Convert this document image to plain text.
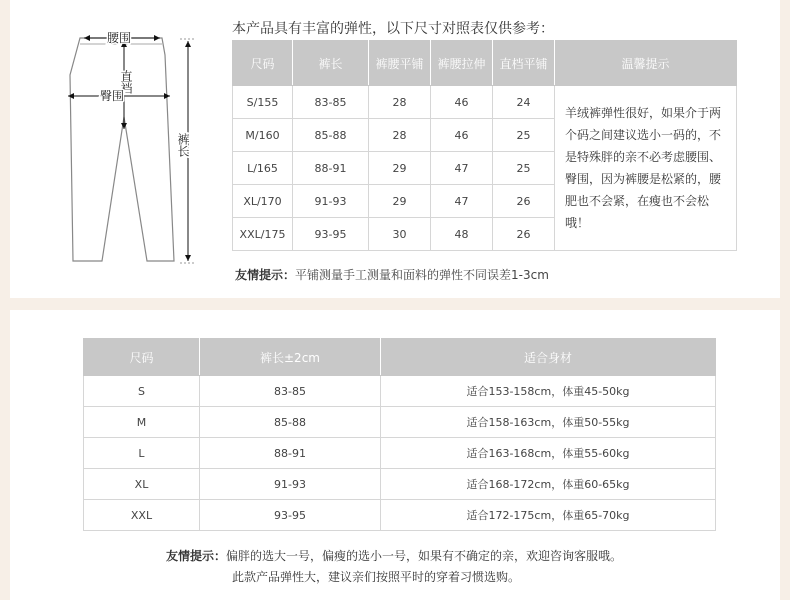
腰围
直裆
臀围
裤长
本产品具有丰富的弹性，以下尺寸对照表仅供参考：
尺码	裤长	裤腰平铺	裤腰拉伸	直档平铺	温馨提示
S/155	83-85	28	46	24	羊绒裤弹性很好，如果介于两个码之间建议选小一码的，不是特殊胖的亲不必考虑腰围、臀围，因为裤腰是松紧的，腰肥也不会紧，在瘦也不会松哦！
M/160	85-88	28	46	25	
L/165	88-91	29	47	25	
XL/170	91-93	29	47	26	
XXL/175	93-95	30	48	26	
友情提示：平铺测量手工测量和面料的弹性不同误差1-3cm
尺码	裤长±2cm	适合身材
S	83-85	适合153-158cm，体重45-50kg
M	85-88	适合158-163cm，体重50-55kg
L	88-91	适合163-168cm，体重55-60kg
XL	91-93	适合168-172cm，体重60-65kg
XXL	93-95	适合172-175cm，体重65-70kg
友情提示：偏胖的选大一号，偏瘦的选小一号，如果有不确定的亲，欢迎咨询客服哦。
此款产品弹性大，建议亲们按照平时的穿着习惯选购。
